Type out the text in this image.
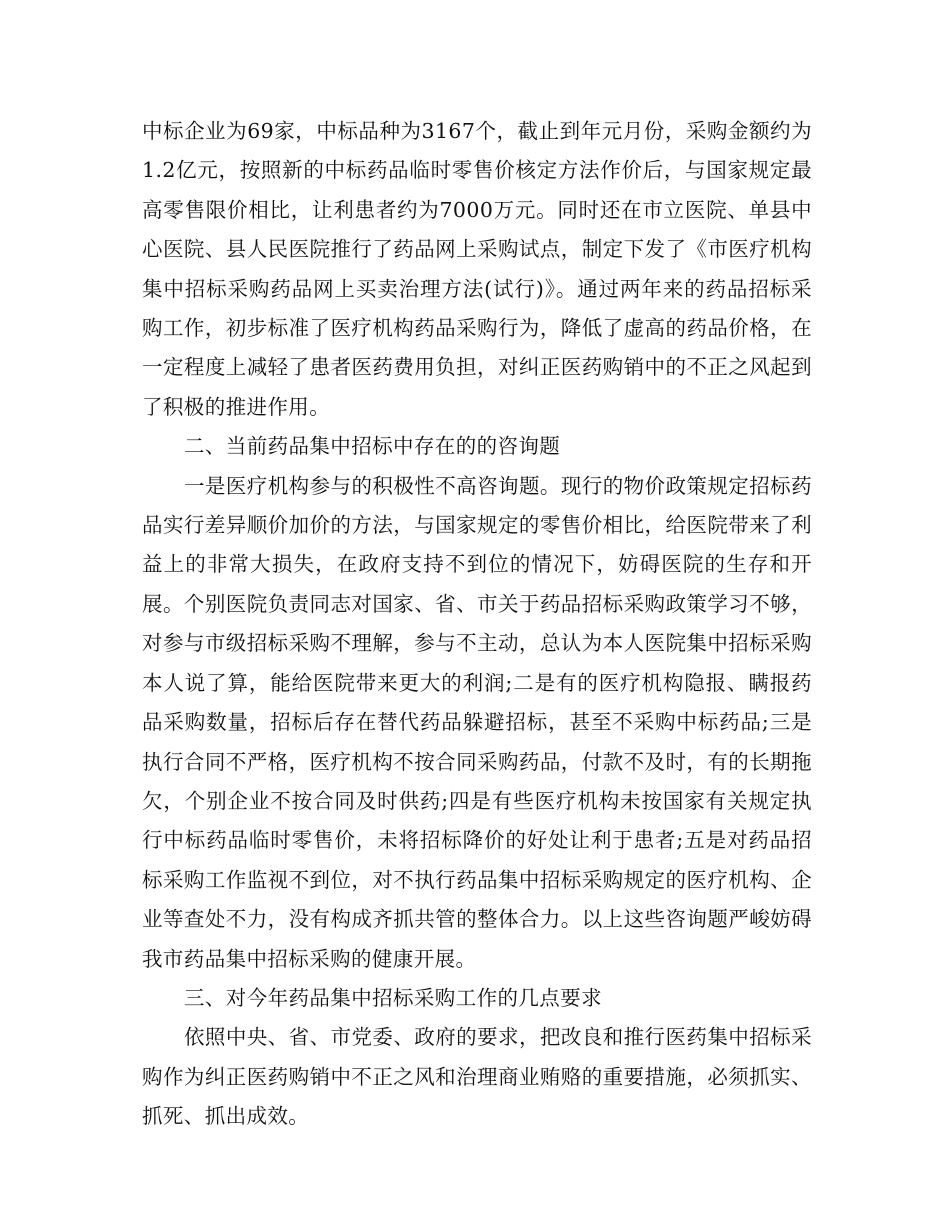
中标企业为69家，中标品种为3167个，截止到年元月份，采购金额约为1.2亿元，按照新的中标药品临时零售价核定方法作价后，与国家规定最高零售限价相比，让利患者约为7000万元。同时还在市立医院、单县中心医院、县人民医院推行了药品网上采购试点，制定下发了《市医疗机构集中招标采购药品网上买卖治理方法(试行)》。通过两年来的药品招标采购工作，初步标准了医疗机构药品采购行为，降低了虚高的药品价格，在一定程度上减轻了患者医药费用负担，对纠正医药购销中的不正之风起到了积极的推进作用。

二、当前药品集中招标中存在的的咨询题

一是医疗机构参与的积极性不高咨询题。现行的物价政策规定招标药品实行差异顺价加价的方法，与国家规定的零售价相比，给医院带来了利益上的非常大损失，在政府支持不到位的情况下，妨碍医院的生存和开展。个别医院负责同志对国家、省、市关于药品招标采购政策学习不够，对参与市级招标采购不理解，参与不主动，总认为本人医院集中招标采购本人说了算，能给医院带来更大的利润;二是有的医疗机构隐报、瞒报药品采购数量，招标后存在替代药品躲避招标，甚至不采购中标药品;三是执行合同不严格，医疗机构不按合同采购药品，付款不及时，有的长期拖欠，个别企业不按合同及时供药;四是有些医疗机构未按国家有关规定执行中标药品临时零售价，未将招标降价的好处让利于患者;五是对药品招标采购工作监视不到位，对不执行药品集中招标采购规定的医疗机构、企业等查处不力，没有构成齐抓共管的整体合力。以上这些咨询题严峻妨碍我市药品集中招标采购的健康开展。

三、对今年药品集中招标采购工作的几点要求

依照中央、省、市党委、政府的要求，把改良和推行医药集中招标采购作为纠正医药购销中不正之风和治理商业贿赂的重要措施，必须抓实、抓死、抓出成效。
